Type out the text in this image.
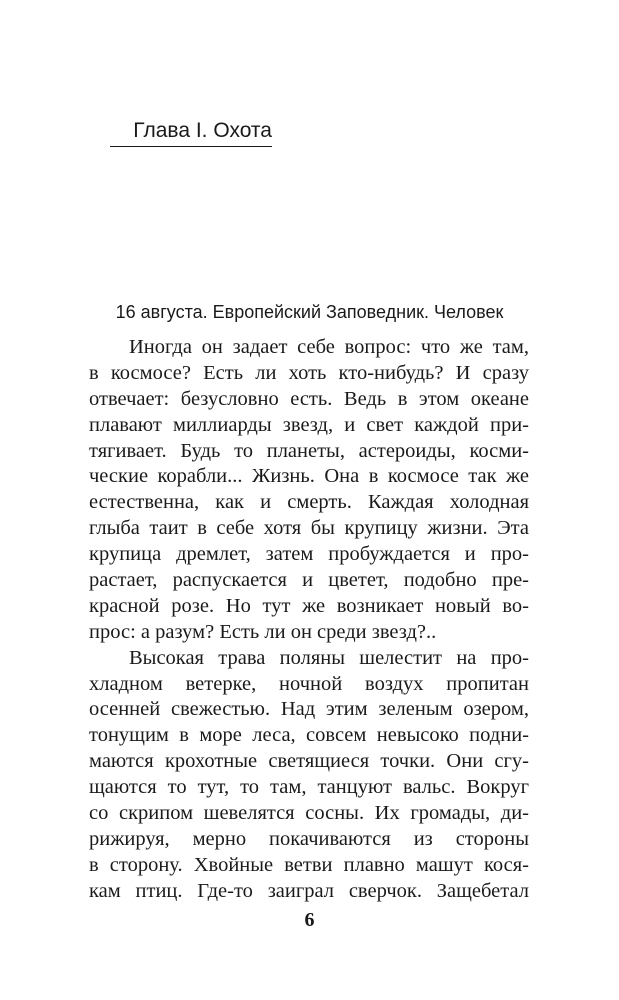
Глава I. Охота
16 августа. Европейский Заповедник. Человек
Иногда он задает себе вопрос: что же там,
в космосе? Есть ли хоть кто-нибудь? И сразу
отвечает: безусловно есть. Ведь в этом океане
плавают миллиарды звезд, и свет каждой при-
тягивает. Будь то планеты, астероиды, косми-
ческие корабли... Жизнь. Она в космосе так же
естественна, как и смерть. Каждая холодная
глыба таит в себе хотя бы крупицу жизни. Эта
крупица дремлет, затем пробуждается и про-
растает, распускается и цветет, подобно пре-
красной розе. Но тут же возникает новый во-
прос: а разум? Есть ли он среди звезд?..
Высокая трава поляны шелестит на про-
хладном ветерке, ночной воздух пропитан
осенней свежестью. Над этим зеленым озером,
тонущим в море леса, совсем невысоко подни-
маются крохотные светящиеся точки. Они сгу-
щаются то тут, то там, танцуют вальс. Вокруг
со скрипом шевелятся сосны. Их громады, ди-
рижируя, мерно покачиваются из стороны
в сторону. Хвойные ветви плавно машут кося-
кам птиц. Где-то заиграл сверчок. Защебетал
6
